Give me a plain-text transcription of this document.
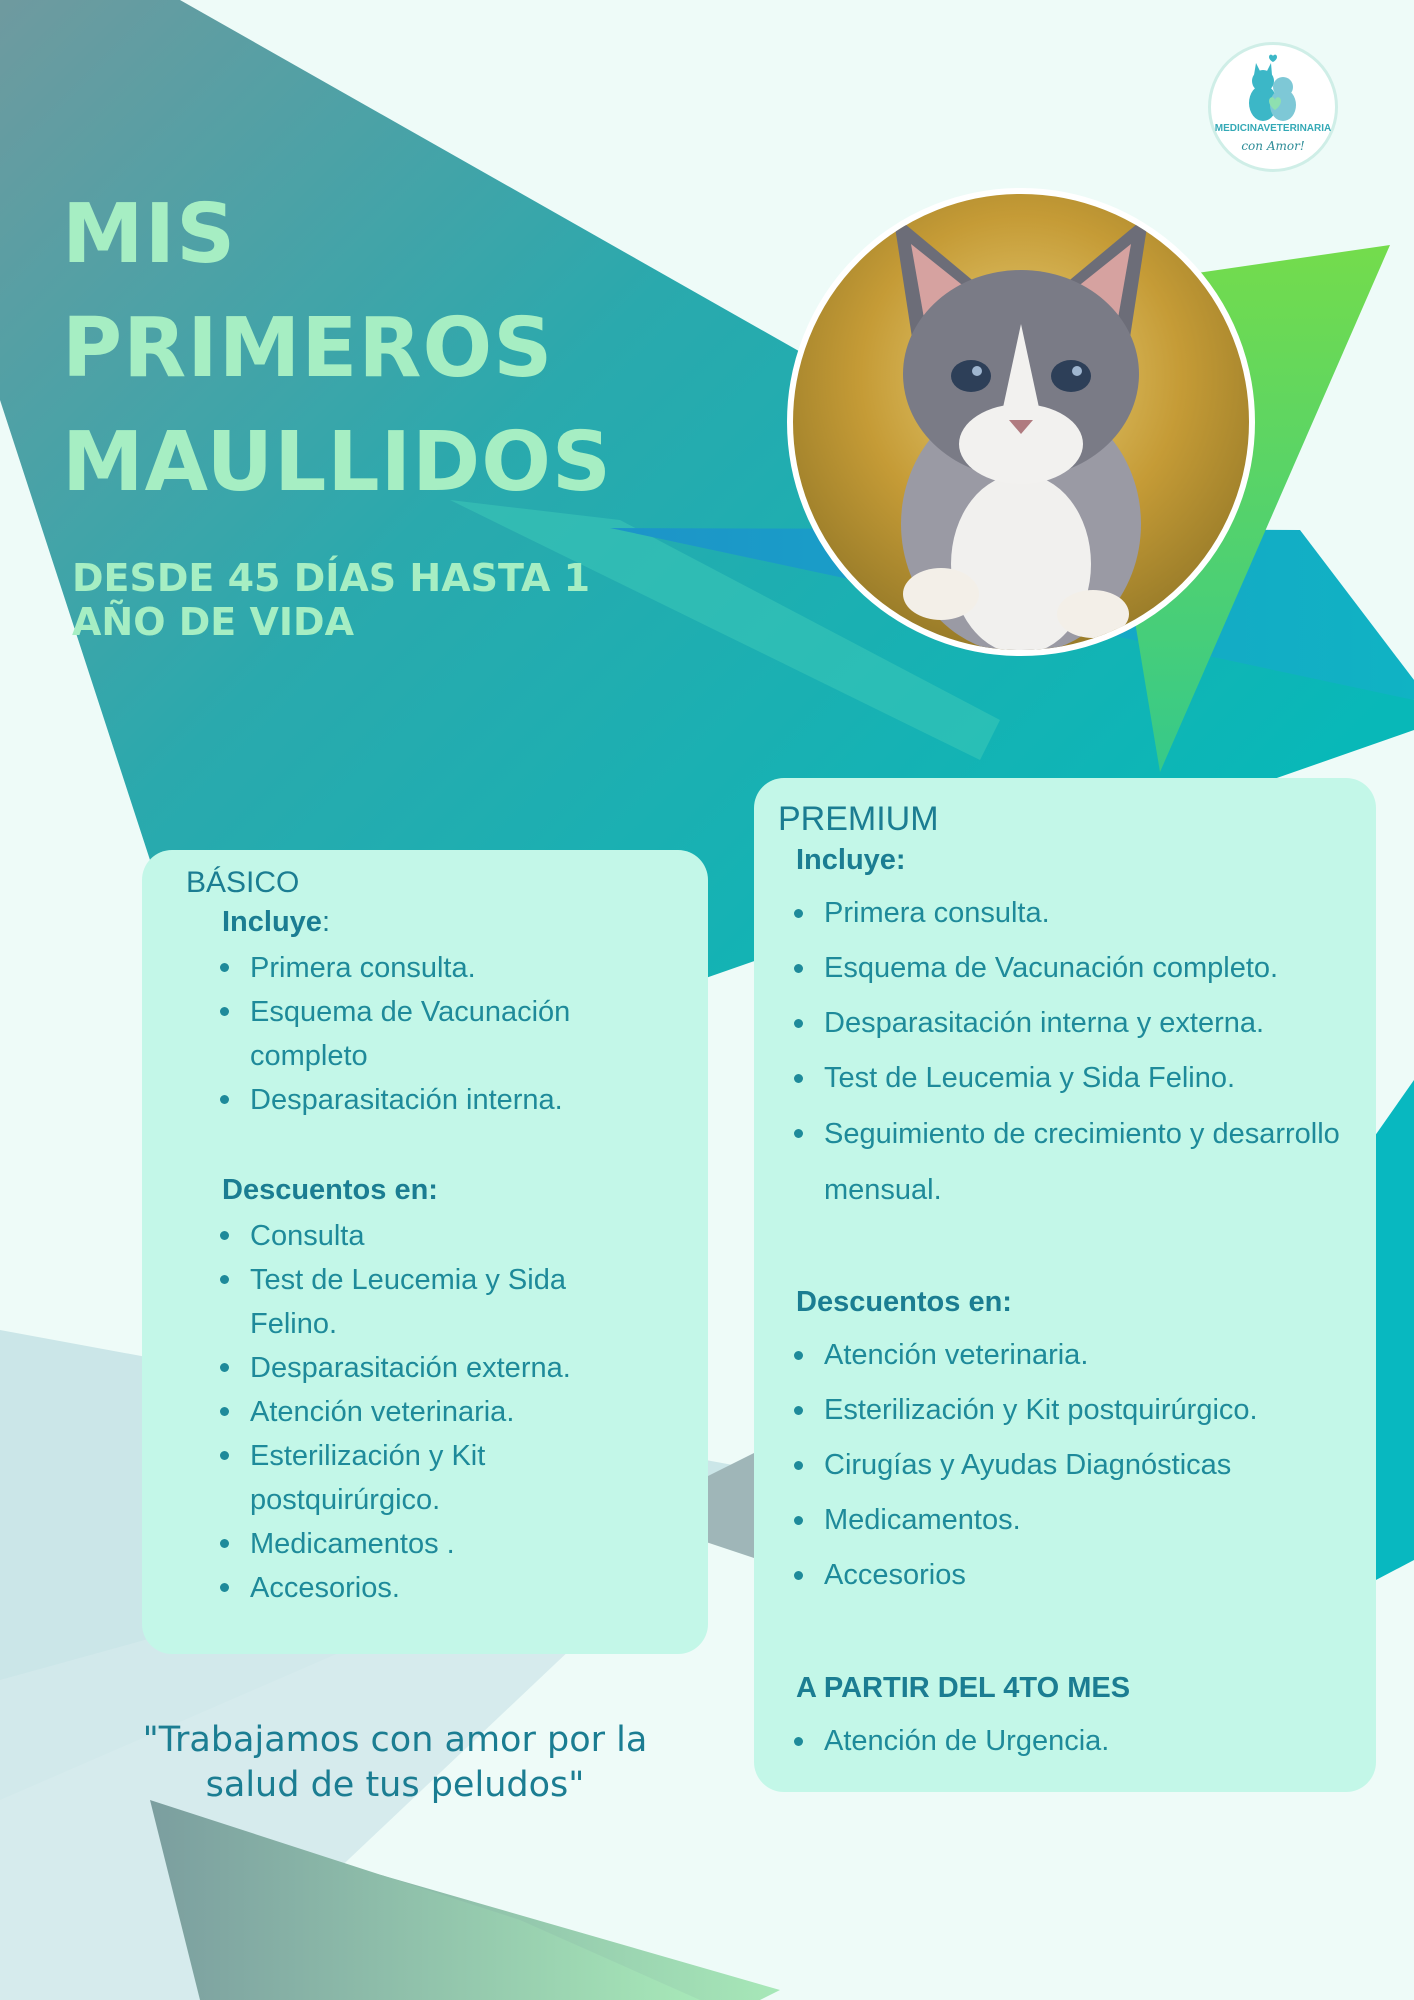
MIS
PRIMEROS
MAULLIDOS
DESDE 45 DÍAS HASTA 1 AÑO DE VIDA
MEDICINAVETERINARIA
con Amor!
BÁSICO
Incluye:
Primera consulta.
Esquema de Vacunación completo
Desparasitación interna.
Descuentos en:
Consulta
Test de Leucemia y Sida Felino.
Desparasitación externa.
Atención veterinaria.
Esterilización y Kit postquirúrgico.
Medicamentos .
Accesorios.
PREMIUM
Incluye:
Primera consulta.
Esquema de Vacunación completo.
Desparasitación interna y externa.
Test de Leucemia y Sida Felino.
Seguimiento de crecimiento y desarrollo mensual.
Descuentos en:
Atención veterinaria.
Esterilización y Kit postquirúrgico.
Cirugías y Ayudas Diagnósticas
Medicamentos.
Accesorios
A PARTIR DEL 4TO MES
Atención de Urgencia.
"Trabajamos con amor por la salud de tus peludos"
